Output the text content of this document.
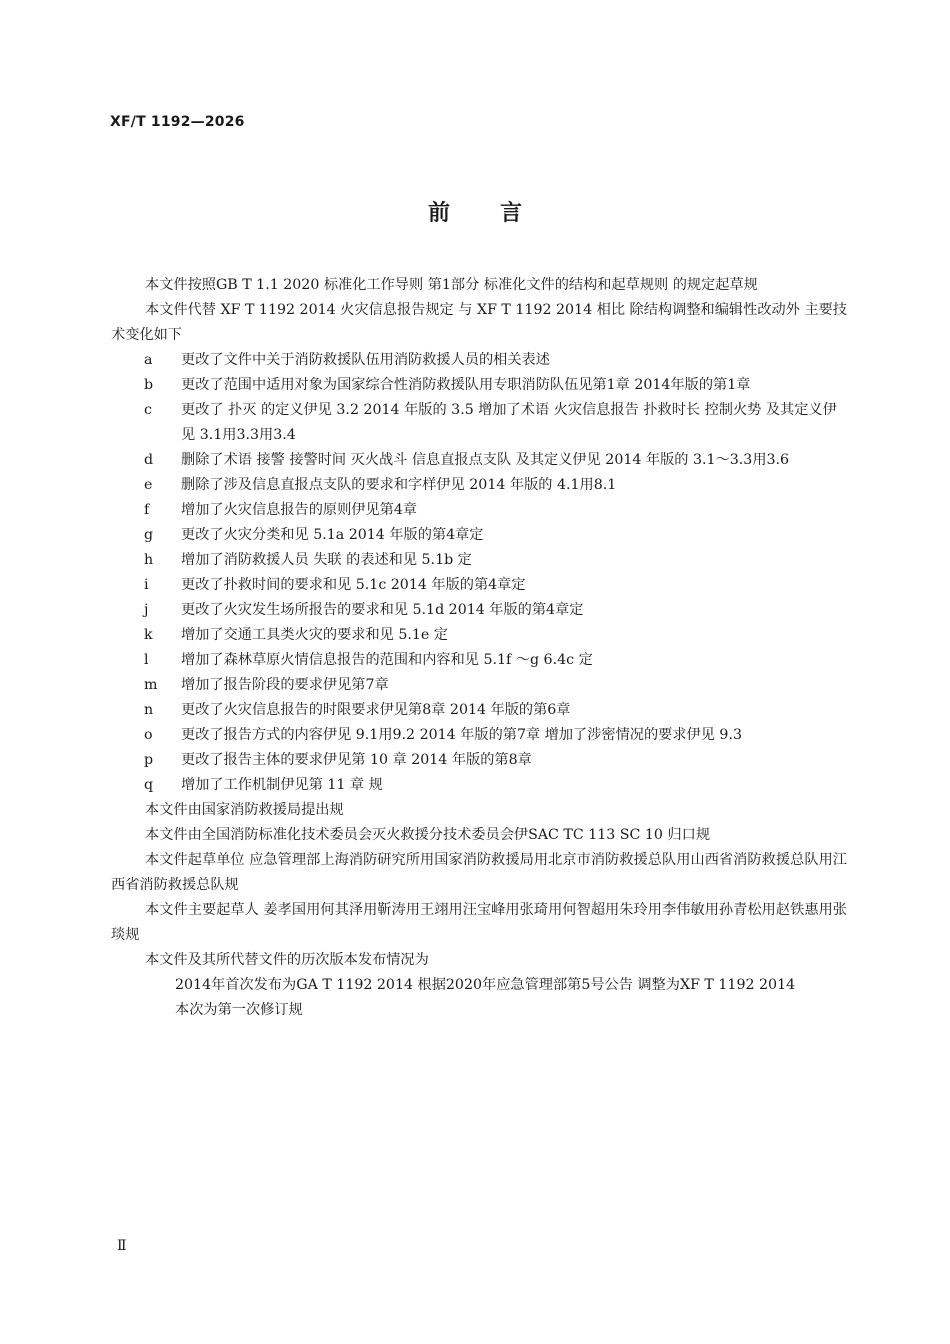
XF/T 1192—2026
前言

本文件按照GB T 1.1 2020 标准化工作导则 第1部分 标准化文件的结构和起草规则 的规定起草规

本文件代替 XF T 1192 2014 火灾信息报告规定 与 XF T 1192 2014 相比 除结构调整和编辑性改动外 主要技术变化如下

a 更改了文件中关于消防救援队伍用消防救援人员的相关表述
b 更改了范围中适用对象为国家综合性消防救援队用专职消防队伍见第1章 2014年版的第1章
c 更改了 扑灭 的定义伊见 3.2 2014 年版的 3.5 增加了术语 火灾信息报告 扑救时长 控制火势 及其定义伊见 3.1用3.3用3.4
d 删除了术语 接警 接警时间 灭火战斗 信息直报点支队 及其定义伊见 2014 年版的 3.1～3.3用3.6
e 删除了涉及信息直报点支队的要求和字样伊见 2014 年版的 4.1用8.1
f 增加了火灾信息报告的原则伊见第4章
g 更改了火灾分类和见 5.1a 2014 年版的第4章定
h 增加了消防救援人员 失联 的表述和见 5.1b 定
i 更改了扑救时间的要求和见 5.1c 2014 年版的第4章定
j 更改了火灾发生场所报告的要求和见 5.1d 2014 年版的第4章定
k 增加了交通工具类火灾的要求和见 5.1e 定
l 增加了森林草原火情信息报告的范围和内容和见 5.1f ～g 6.4c 定
m 增加了报告阶段的要求伊见第7章
n 更改了火灾信息报告的时限要求伊见第8章 2014 年版的第6章
o 更改了报告方式的内容伊见 9.1用9.2 2014 年版的第7章 增加了涉密情况的要求伊见 9.3
p 更改了报告主体的要求伊见第 10 章 2014 年版的第8章
q 增加了工作机制伊见第 11 章 规

本文件由国家消防救援局提出规

本文件由全国消防标准化技术委员会灭火救援分技术委员会伊SAC TC 113 SC 10 归口规

本文件起草单位 应急管理部上海消防研究所用国家消防救援局用北京市消防救援总队用山西省消防救援总队用江西省消防救援总队规

本文件主要起草人 姜孝国用何其泽用靳涛用王翊用汪宝峰用张琦用何智超用朱玲用李伟敏用孙青松用赵铁惠用张琰规

本文件及其所代替文件的历次版本发布情况为

2014年首次发布为GA T 1192 2014 根据2020年应急管理部第5号公告 调整为XF T 1192 2014

本次为第一次修订规

Ⅱ
